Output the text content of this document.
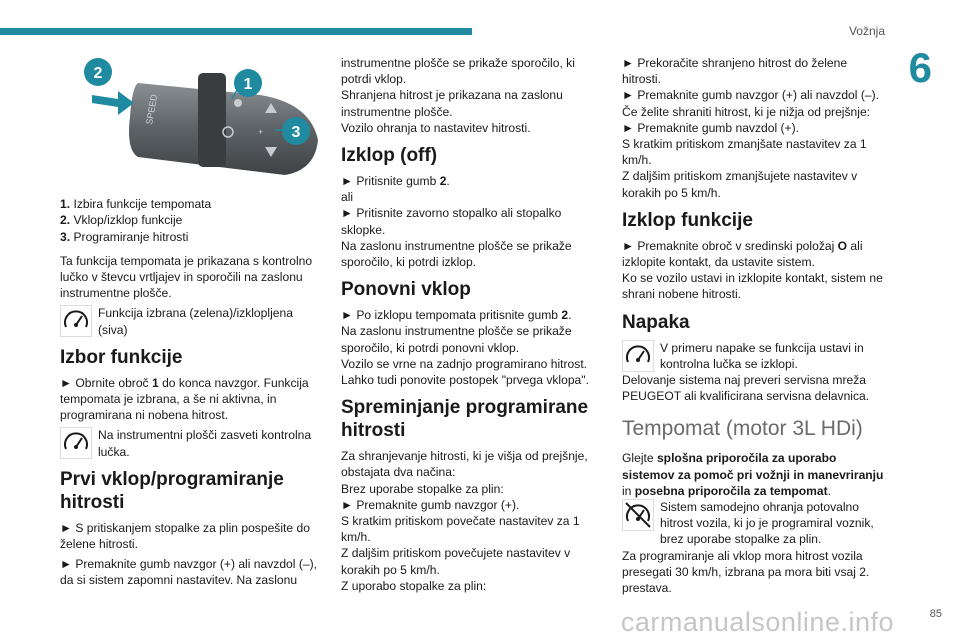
Vožnja
6
SPEED
+
2
1
3
1. Izbira funkcije tempomata
2. Vklop/izklop funkcije
3. Programiranje hitrosti

Ta funkcija tempomata je prikazana s kontrolno lučko v števcu vrtljajev in sporočili na zaslonu instrumentne plošče.

Funkcija izbrana (zelena)/izklopljena (siva)
Izbor funkcije

► Obrnite obroč 1 do konca navzgor. Funkcija tempomata je izbrana, a še ni aktivna, in programirana ni nobena hitrost.

Na instrumentni plošči zasveti kontrolna lučka.
Prvi vklop/programiranje hitrosti

► S pritiskanjem stopalke za plin pospešite do želene hitrosti.

► Premaknite gumb navzgor (+) ali navzdol (–), da si sistem zapomni nastavitev. Na zaslonu

instrumentne plošče se prikaže sporočilo, ki potrdi vklop.

Shranjena hitrost je prikazana na zaslonu instrumentne plošče.

Vozilo ohranja to nastavitev hitrosti.

Izklop (off)

► Pritisnite gumb 2.

ali

► Pritisnite zavorno stopalko ali stopalko sklopke.

Na zaslonu instrumentne plošče se prikaže sporočilo, ki potrdi izklop.

Ponovni vklop

► Po izklopu tempomata pritisnite gumb 2.

Na zaslonu instrumentne plošče se prikaže sporočilo, ki potrdi ponovni vklop.

Vozilo se vrne na zadnjo programirano hitrost.

Lahko tudi ponovite postopek "prvega vklopa".

Spreminjanje programirane hitrosti

Za shranjevanje hitrosti, ki je višja od prejšnje, obstajata dva načina:

Brez uporabe stopalke za plin:

► Premaknite gumb navzgor (+).

S kratkim pritiskom povečate nastavitev za 1 km/h.

Z daljšim pritiskom povečujete nastavitev v korakih po 5 km/h.

Z uporabo stopalke za plin:

► Prekoračite shranjeno hitrost do želene hitrosti.

► Premaknite gumb navzgor (+) ali navzdol (–).

Če želite shraniti hitrost, ki je nižja od prejšnje:

► Premaknite gumb navzdol (+).

S kratkim pritiskom zmanjšate nastavitev za 1 km/h.

Z daljšim pritiskom zmanjšujete nastavitev v korakih po 5 km/h.

Izklop funkcije

► Premaknite obroč v sredinski položaj O ali izklopite kontakt, da ustavite sistem.

Ko se vozilo ustavi in izklopite kontakt, sistem ne shrani nobene hitrosti.

Napaka
V primeru napake se funkcija ustavi in kontrolna lučka se izklopi.

Delovanje sistema naj preveri servisna mreža PEUGEOT ali kvalificirana servisna delavnica.

Tempomat (motor 3L HDi)

Glejte splošna priporočila za uporabo sistemov za pomoč pri vožnji in manevriranju in posebna priporočila za tempomat.

Sistem samodejno ohranja potovalno hitrost vozila, ki jo je programiral voznik, brez uporabe stopalke za plin.

Za programiranje ali vklop mora hitrost vozila presegati 30 km/h, izbrana pa mora biti vsaj 2. prestava.

85
carmanualsonline.info
